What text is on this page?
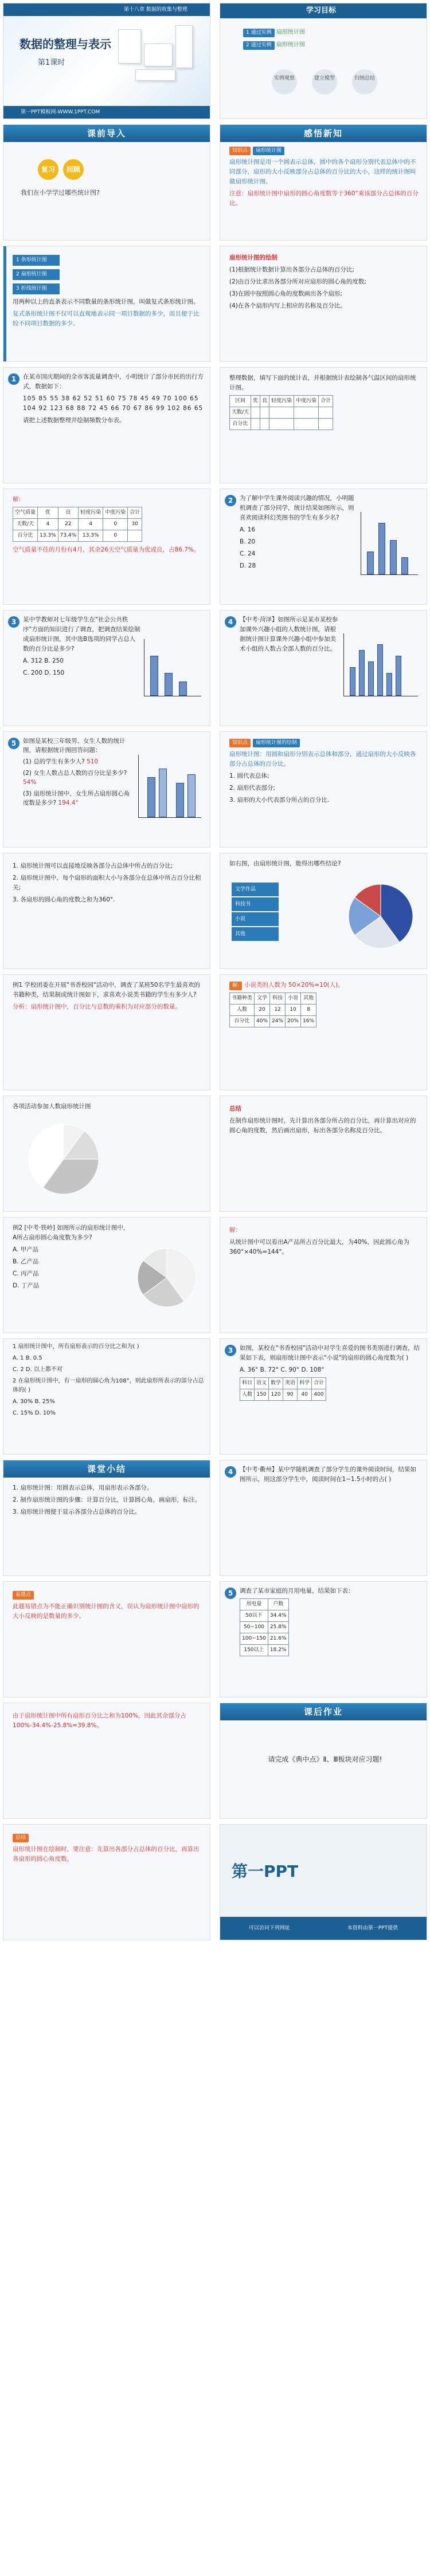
第十八章 数据的收集与整理
数据的整理与表示
第1课时
第一PPT模板网-WWW.1PPT.COM
学习目标
1 通过实例 扇形统计图
2 通过实例 扇形统计图
实例观察	建立模型	归纳总结
课前导入
复习 回顾
我们在小学学过哪些统计图?
感悟新知

知识点 扇形统计图

扇形统计图是用一个圆表示总体，圆中的各个扇形分别代表总体中的不同部分，扇形的大小反映部分占总体的百分比的大小，这样的统计图叫做扇形统计图。

注意：扇形统计图中扇形的圆心角度数等于360°乘该部分占总体的百分比。

1 条形统计图

2 扇形统计图

3 折线统计图

用两种以上的直条表示不同数量的条形统计图，叫做复式条形统计图。

复式条形统计图不仅可以直观地表示同一项目数据的多少，而且便于比较不同项目数据的多少。

扇形统计图的绘制

(1)根据统计数据计算出各部分占总体的百分比;

(2)由百分比求出各部分所对应扇形的圆心角的度数;

(3)在圆中按照圆心角的度数画出各个扇形;

(4)在各个扇形内写上相应的名称及百分比。

1	在某市国庆期间的全市客流量调查中，小明统计了部分市民的出行方式，数据如下：

105 85 55 38 62 52 51 60 75 78 45 49 70 100 65 104 92 123 68 88 72 45 66 70 67 86 99 102 86 65

请把上述数据整理并绘制频数分布表。

整理数据，填写下面的统计表，并根据统计表绘制各气温区间的扇形统计图。

区间	优	良	轻度污染	中度污染	合计
天数/天					
百分比					

解:

空气质量	优	良	轻度污染	中度污染	合计
天数/天	4	22	4	0	30
百分比	13.3%	73.4%	13.3%	0	

空气质量不佳的月份有4月，其余26天空气质量为优或良，占86.7%。

2	为了解中学生课外阅读兴趣的情况，小明随机调查了部分同学，统计结果如图所示，则喜欢阅读科幻类图书的学生有多少名?

A. 16

B. 20

C. 24

D. 28

3	某中学教师对七年级学生在"社会公共秩序"方面的知识进行了调查，把调查结果绘制成扇形统计图，其中选B选项的同学占总人数的百分比是多少?

A. 312 B. 250

C. 200 D. 150

4	【中考·菏泽】如图所示是某市某校参加课外兴趣小组的人数统计图，请根据统计图计算课外兴趣小组中参加美术小组的人数占全部人数的百分比。

5	如图是某校三年级男、女生人数的统计图，请根据统计图回答问题：

(1) 总的学生有多少人? 510

(2) 女生人数占总人数的百分比是多少? 54%

(3) 扇形统计图中，女生所占扇形圆心角度数是多少? 194.4°

知识点 扇形统计图的绘制

扇形统计图：用圆和扇形分别表示总体和部分，通过扇形的大小反映各部分占总体的百分比。

1. 圆代表总体;

2. 扇形代表部分;

3. 扇形的大小代表部分所占的百分比.

1. 扇形统计图可以直接地反映各部分占总体中所占的百分比;

2. 扇形统计图中，每个扇形的面积大小与各部分在总体中所占百分比相关;

3. 各扇形的圆心角的度数之和为360°.

如右图，由扇形统计图，能得出哪些结论?

文学作品
科技书
小说
其他

例1 学校团委在开展"书香校园"活动中，调查了某班50名学生最喜欢的书籍种类，结果制成统计图如下，求喜欢小说类书籍的学生有多少人?

分析：扇形统计图中，百分比与总数的乘积为对应部分的数量。

解: 小说类的人数为 50×20%=10(人)。

书籍种类	文学	科技	小说	其他
人数	20	12	10	8
百分比	40%	24%	20%	16%

各项活动参加人数扇形统计图	总结

在制作扇形统计图时，先计算出各部分所占的百分比，再计算出对应的圆心角的度数，然后画出扇形，标出各部分名称及百分比。

例2 [中考·铁岭] 如图所示的扇形统计图中，A所占扇形圆心角度数为多少?

A. 甲产品

B. 乙产品

C. 丙产品

D. 丁产品

解：

从统计图中可以看出A产品所占百分比最大，为40%，因此圆心角为360°×40%=144°。

1 扇形统计图中，所有扇形表示的百分比之和为( )

A. 1 B. 0.5

C. 2 D. 以上都不对

2 在扇形统计图中，有一扇形的圆心角为108°，则此扇形所表示的部分占总体的( )

A. 30% B. 25%

C. 15% D. 10%

3	如图，某校在"书香校园"活动中对学生喜爱的图书类别进行调查，结果如下表，则扇形统计图中表示"小说"的扇形的圆心角度数为( )

A. 36° B. 72° C. 90° D. 108°

科目	语文	数学	英语	科学	合计
人数	150	120	90	40	400
课堂小结

1. 扇形统计图：用圆表示总体，用扇形表示各部分。

2. 制作扇形统计图的步骤：计算百分比，计算圆心角，画扇形，标注。

3. 扇形统计图便于显示各部分占总体的百分比。

4	【中考·衢州】某中学随机调查了部分学生的课外阅读时间，结果如图所示，则这部分学生中，阅读时间在1~1.5小时的占( )

易错点

此题易错点为不能正确识别统计图的含义，误认为扇形统计图中扇形的大小反映的是数量的多少。

5	调查了某市家庭的月用电量，结果如下表：

用电量	户数
50以下	34.4%
50~100	25.8%
100~150	21.6%
150以上	18.2%

由于扇形统计图中所有扇形百分比之和为100%，因此其余部分占100%-34.4%-25.8%=39.8%。

课后作业

请完成《典中点》Ⅱ、Ⅲ板块对应习题!

总结

扇形统计图在绘制时，要注意：先算出各部分占总体的百分比，再算出各扇形的圆心角度数。

第一PPT
可以访问下列网址	本资料由第一PPT提供
